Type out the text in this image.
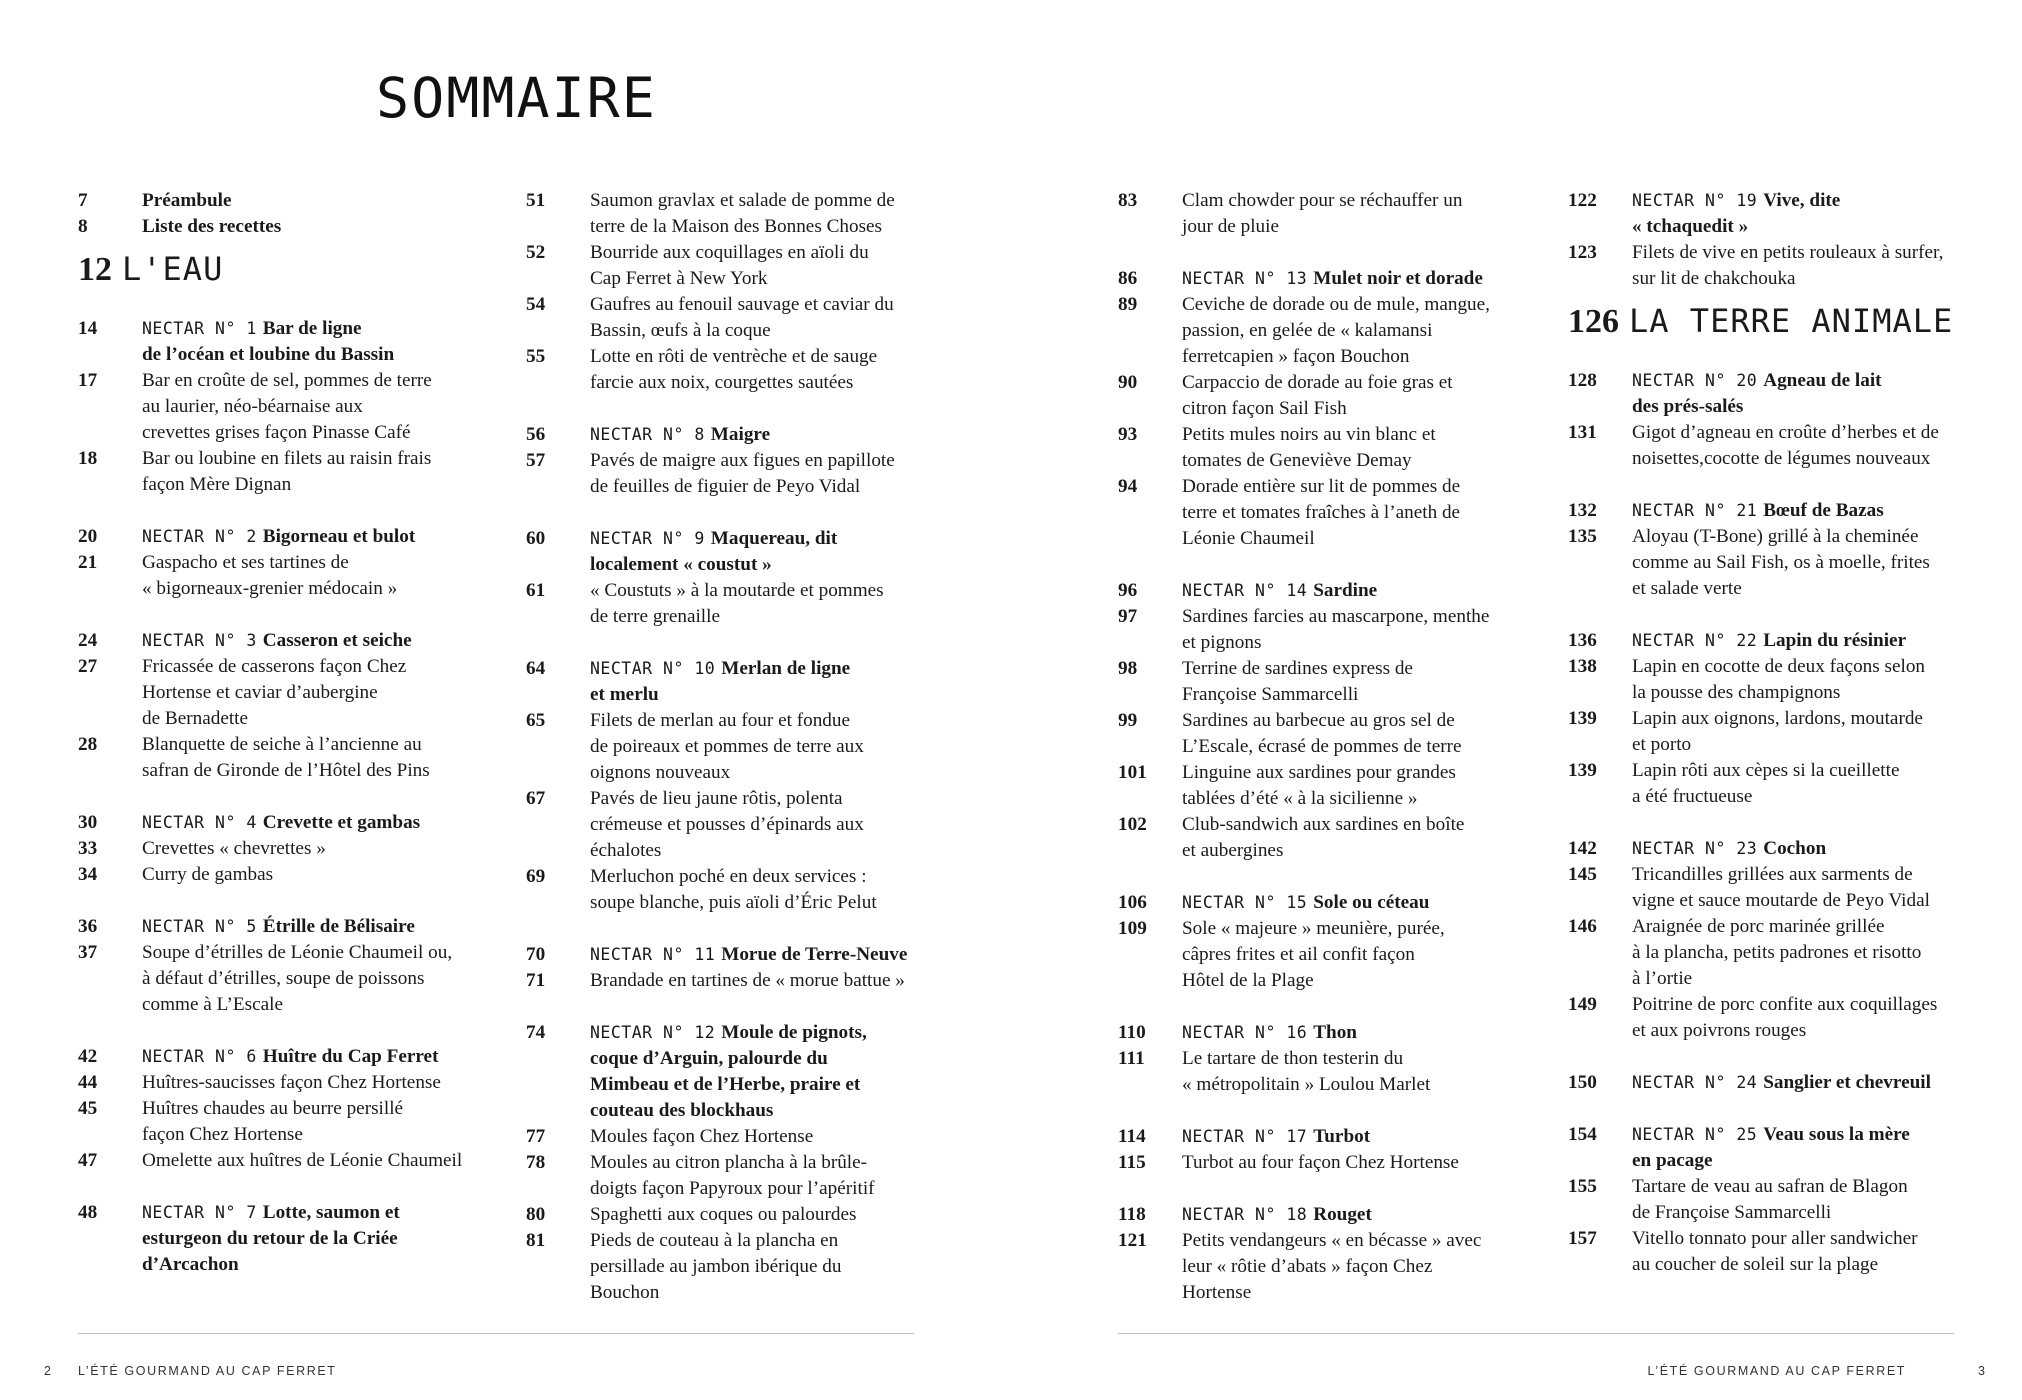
SOMMAIRE
7	Préambule
8	Liste des recettes
12 L'EAU
14	NECTAR N° 1 Bar de ligne
de l’océan et loubine du Bassin
17	Bar en croûte de sel, pommes de terre
au laurier, néo-béarnaise aux
crevettes grises façon Pinasse Café
18	Bar ou loubine en filets au raisin frais
façon Mère Dignan
20	NECTAR N° 2 Bigorneau et bulot
21	Gaspacho et ses tartines de
« bigorneaux-grenier médocain »
24	NECTAR N° 3 Casseron et seiche
27	Fricassée de casserons façon Chez
Hortense et caviar d’aubergine
de Bernadette
28	Blanquette de seiche à l’ancienne au
safran de Gironde de l’Hôtel des Pins
30	NECTAR N° 4 Crevette et gambas
33	Crevettes « chevrettes »
34	Curry de gambas
36	NECTAR N° 5 Étrille de Bélisaire
37	Soupe d’étrilles de Léonie Chaumeil ou,
à défaut d’étrilles, soupe de poissons
comme à L’Escale
42	NECTAR N° 6 Huître du Cap Ferret
44	Huîtres-saucisses façon Chez Hortense
45	Huîtres chaudes au beurre persillé
façon Chez Hortense
47	Omelette aux huîtres de Léonie Chaumeil
48	NECTAR N° 7 Lotte, saumon et
esturgeon du retour de la Criée
d’Arcachon
51	Saumon gravlax et salade de pomme de
terre de la Maison des Bonnes Choses
52	Bourride aux coquillages en aïoli du
Cap Ferret à New York
54	Gaufres au fenouil sauvage et caviar du
Bassin, œufs à la coque
55	Lotte en rôti de ventrèche et de sauge
farcie aux noix, courgettes sautées
56	NECTAR N° 8 Maigre
57	Pavés de maigre aux figues en papillote
de feuilles de figuier de Peyo Vidal
60	NECTAR N° 9 Maquereau, dit
localement « coustut »
61	« Coustuts » à la moutarde et pommes
de terre grenaille
64	NECTAR N° 10 Merlan de ligne
et merlu
65	Filets de merlan au four et fondue
de poireaux et pommes de terre aux
oignons nouveaux
67	Pavés de lieu jaune rôtis, polenta
crémeuse et pousses d’épinards aux
échalotes
69	Merluchon poché en deux services :
soupe blanche, puis aïoli d’Éric Pelut
70	NECTAR N° 11 Morue de Terre-Neuve
71	Brandade en tartines de « morue battue »
74	NECTAR N° 12 Moule de pignots,
coque d’Arguin, palourde du
Mimbeau et de l’Herbe, praire et
couteau des blockhaus
77	Moules façon Chez Hortense
78	Moules au citron plancha à la brûle-
doigts façon Papyroux pour l’apéritif
80	Spaghetti aux coques ou palourdes
81	Pieds de couteau à la plancha en
persillade au jambon ibérique du
Bouchon
83	Clam chowder pour se réchauffer un
jour de pluie
86	NECTAR N° 13 Mulet noir et dorade
89	Ceviche de dorade ou de mule, mangue,
passion, en gelée de « kalamansi
ferretcapien » façon Bouchon
90	Carpaccio de dorade au foie gras et
citron façon Sail Fish
93	Petits mules noirs au vin blanc et
tomates de Geneviève Demay
94	Dorade entière sur lit de pommes de
terre et tomates fraîches à l’aneth de
Léonie Chaumeil
96	NECTAR N° 14 Sardine
97	Sardines farcies au mascarpone, menthe
et pignons
98	Terrine de sardines express de
Françoise Sammarcelli
99	Sardines au barbecue au gros sel de
L’Escale, écrasé de pommes de terre
101	Linguine aux sardines pour grandes
tablées d’été « à la sicilienne »
102	Club-sandwich aux sardines en boîte
et aubergines
106	NECTAR N° 15 Sole ou céteau
109	Sole « majeure » meunière, purée,
câpres frites et ail confit façon
Hôtel de la Plage
110	NECTAR N° 16 Thon
111	Le tartare de thon testerin du
« métropolitain » Loulou Marlet
114	NECTAR N° 17 Turbot
115	Turbot au four façon Chez Hortense
118	NECTAR N° 18 Rouget
121	Petits vendangeurs « en bécasse » avec
leur « rôtie d’abats » façon Chez
Hortense
122	NECTAR N° 19 Vive, dite
« tchaquedit »
123	Filets de vive en petits rouleaux à surfer,
sur lit de chakchouka
126 LA TERRE ANIMALE
128	NECTAR N° 20 Agneau de lait
des prés-salés
131	Gigot d’agneau en croûte d’herbes et de
noisettes,cocotte de légumes nouveaux
132	NECTAR N° 21 Bœuf de Bazas
135	Aloyau (T-Bone) grillé à la cheminée
comme au Sail Fish, os à moelle, frites
et salade verte
136	NECTAR N° 22 Lapin du résinier
138	Lapin en cocotte de deux façons selon
la pousse des champignons
139	Lapin aux oignons, lardons, moutarde
et porto
139	Lapin rôti aux cèpes si la cueillette
a été fructueuse
142	NECTAR N° 23 Cochon
145	Tricandilles grillées aux sarments de
vigne et sauce moutarde de Peyo Vidal
146	Araignée de porc marinée grillée
à la plancha, petits padrones et risotto
à l’ortie
149	Poitrine de porc confite aux coquillages
et aux poivrons rouges
150	NECTAR N° 24 Sanglier et chevreuil
154	NECTAR N° 25 Veau sous la mère
en pacage
155	Tartare de veau au safran de Blagon
de Françoise Sammarcelli
157	Vitello tonnato pour aller sandwicher
au coucher de soleil sur la plage
2 L’ÉTÉ GOURMAND AU CAP FERRET	L’ÉTÉ GOURMAND AU CAP FERRET	3
